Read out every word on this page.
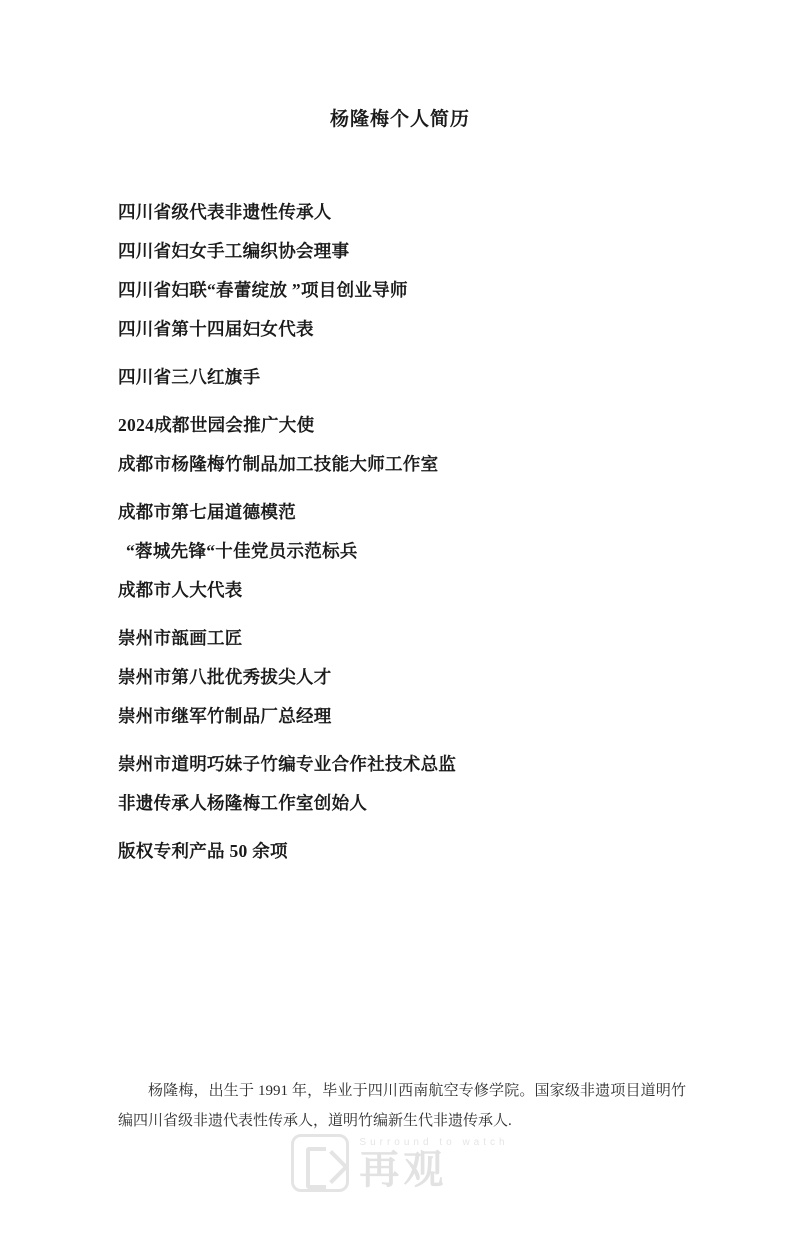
杨隆梅个人简历
四川省级代表非遗性传承人
四川省妇女手工编织协会理事
四川省妇联“春蕾绽放 ”项目创业导师
四川省第十四届妇女代表
四川省三八红旗手
2024成都世园会推广大使
成都市杨隆梅竹制品加工技能大师工作室
成都市第七届道德模范
“蓉城先锋“十佳党员示范标兵
成都市人大代表
崇州市瓿画工匠
崇州市第八批优秀拔尖人才
崇州市继军竹制品厂总经理
崇州市道明巧妹子竹编专业合作社技术总监
非遗传承人杨隆梅工作室创始人
版权专利产品 50 余项

杨隆梅，出生于 1991 年，毕业于四川西南航空专修学院。国家级非遗项目道明竹编四川省级非遗代表性传承人，道明竹编新生代非遗传承人.

Surround to watch
再观
